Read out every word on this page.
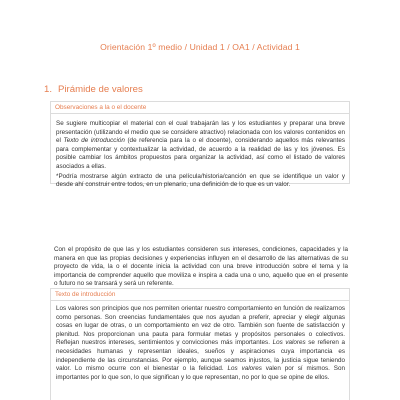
Orientación 1º medio / Unidad 1 / OA1 / Actividad 1
1. Pirámide de valores
Observaciones a la o el docente

Se sugiere multicopiar el material con el cual trabajarán las y los estudiantes y preparar una breve presentación (utilizando el medio que se considere atractivo) relacionada con los valores contenidos en el Texto de introducción (de referencia para la o el docente), considerando aquellos más relevantes para complementar y contextualizar la actividad, de acuerdo a la realidad de las y los jóvenes. Es posible cambiar los ámbitos propuestos para organizar la actividad, así como el listado de valores asociados a ellas.

*Podría mostrarse algún extracto de una película/historia/canción en que se identifique un valor y desde ahí construir entre todos, en un plenario, una definición de lo que es un valor.

Con el propósito de que las y los estudiantes consideren sus intereses, condiciones, capacidades y la manera en que las propias decisiones y experiencias influyen en el desarrollo de las alternativas de su proyecto de vida, la o el docente inicia la actividad con una breve introducción sobre el tema y la importancia de comprender aquello que moviliza e inspira a cada una o uno, aquello que en el presente o futuro no se transará y será un referente.

Texto de introducción

Los valores son principios que nos permiten orientar nuestro comportamiento en función de realizarnos como personas. Son creencias fundamentales que nos ayudan a preferir, apreciar y elegir algunas cosas en lugar de otras, o un comportamiento en vez de otro. También son fuente de satisfacción y plenitud. Nos proporcionan una pauta para formular metas y propósitos personales o colectivos. Reflejan nuestros intereses, sentimientos y convicciones más importantes. Los valores se refieren a necesidades humanas y representan ideales, sueños y aspiraciones cuya importancia es independiente de las circunstancias. Por ejemplo, aunque seamos injustos, la justicia sigue teniendo valor. Lo mismo ocurre con el bienestar o la felicidad. Los valores valen por sí mismos. Son importantes por lo que son, lo que significan y lo que representan, no por lo que se opine de ellos.
